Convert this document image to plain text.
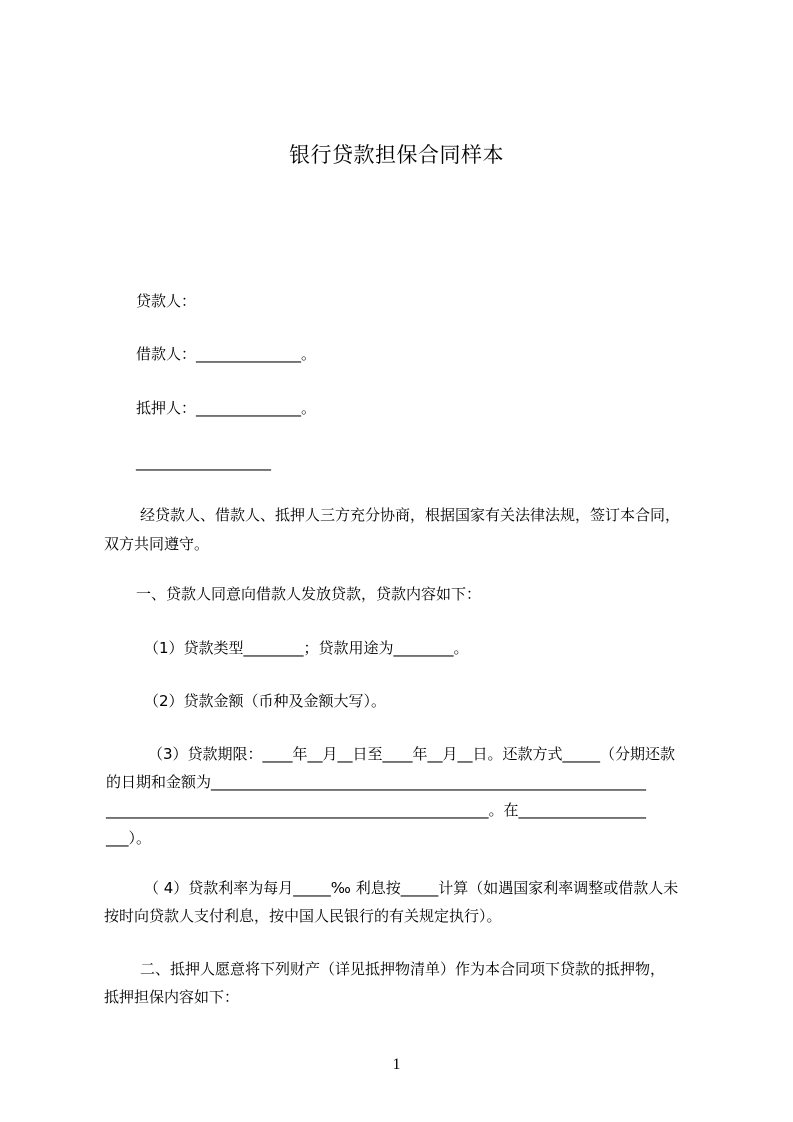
银行贷款担保合同样本
贷款人：
借款人：______________。
抵押人：______________。
__________________
经贷款人、借款人、抵押人三方充分协商，根据国家有关法律法规，签订本合同，
双方共同遵守。
一、贷款人同意向借款人发放贷款，贷款内容如下：
（1）贷款类型________；贷款用途为________。
（2）贷款金额（币种及金额大写）。
（3）贷款期限：____年__月__日至____年__月__日。还款方式_____（分期还款
的日期和金额为__________________________________________________________
___________________________________________________。在_________________
___）。
（ 4）贷款利率为每月_____‰ 利息按_____计算（如遇国家利率调整或借款人未
按时向贷款人支付利息，按中国人民银行的有关规定执行）。
二、抵押人愿意将下列财产（详见抵押物清单）作为本合同项下贷款的抵押物，
抵押担保内容如下：
1
